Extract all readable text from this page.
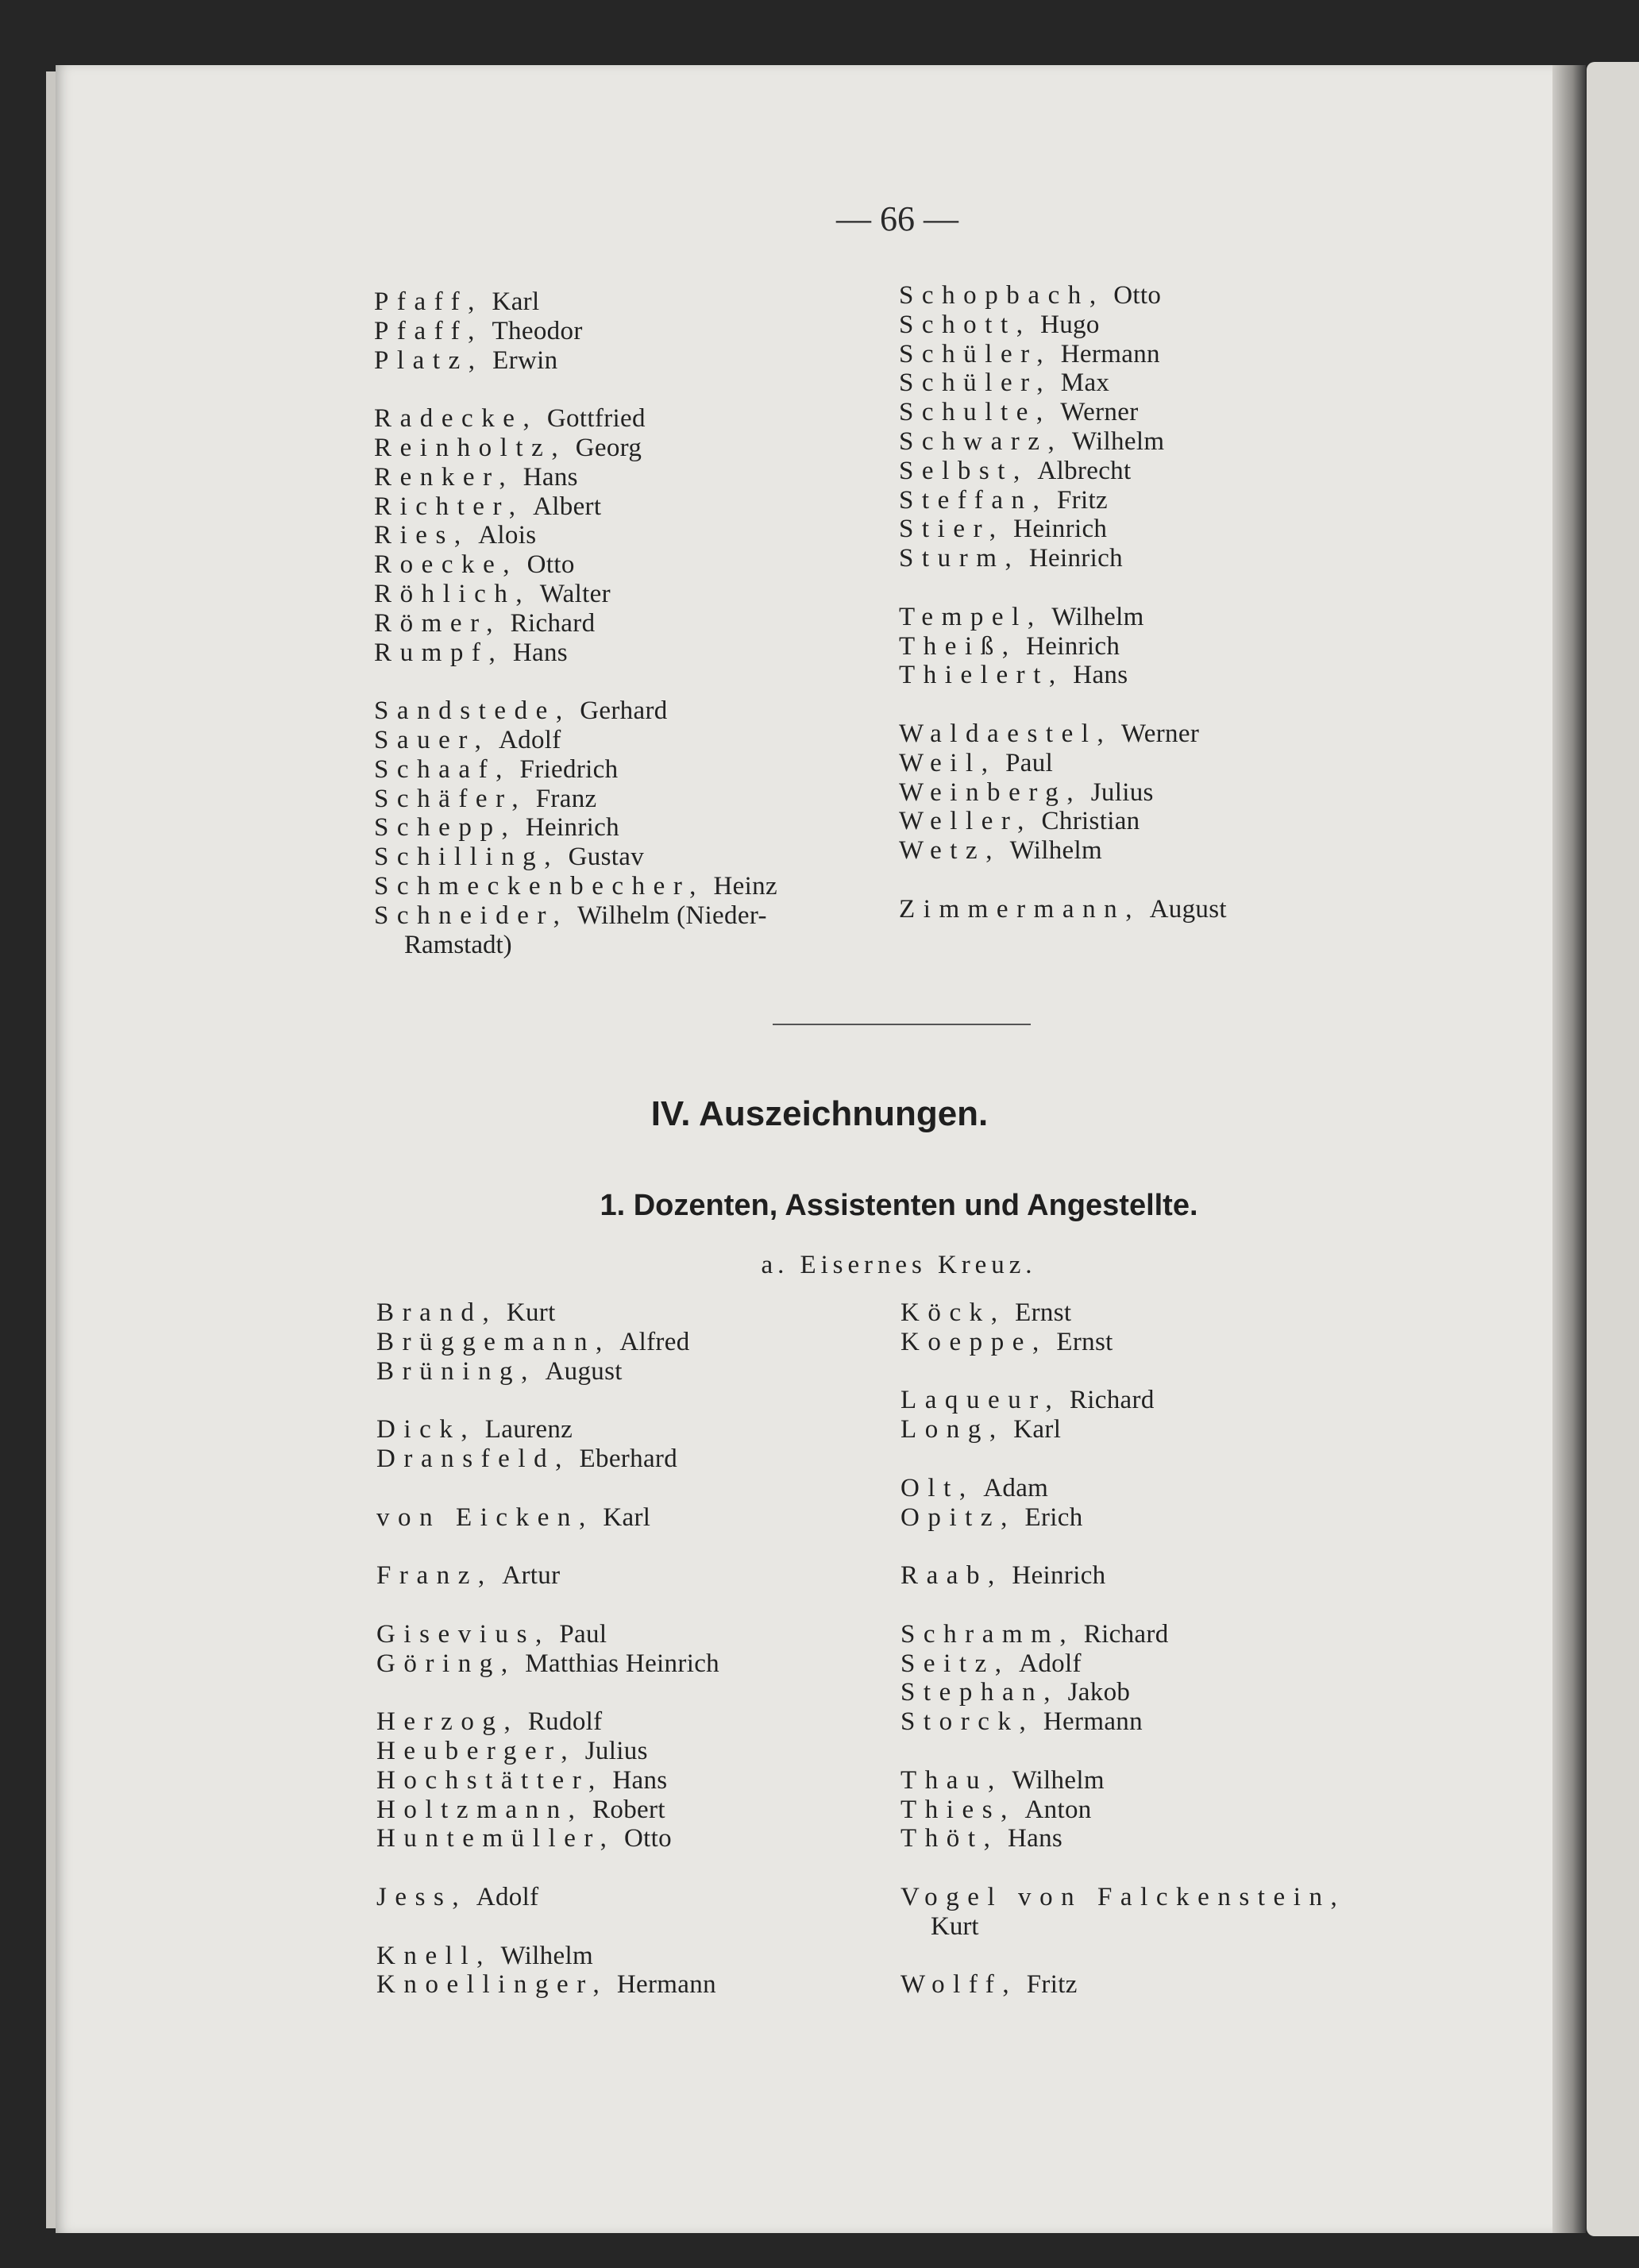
— 66 —
Pfaff, Karl
Pfaff, Theodor
Platz, Erwin
Radecke, Gottfried
Reinholtz, Georg
Renker, Hans
Richter, Albert
Ries, Alois
Roecke, Otto
Röhlich, Walter
Römer, Richard
Rumpf, Hans
Sandstede, Gerhard
Sauer, Adolf
Schaaf, Friedrich
Schäfer, Franz
Schepp, Heinrich
Schilling, Gustav
Schmeckenbecher, Heinz
Schneider, Wilhelm (Nieder-
Ramstadt)
Schopbach, Otto
Schott, Hugo
Schüler, Hermann
Schüler, Max
Schulte, Werner
Schwarz, Wilhelm
Selbst, Albrecht
Steffan, Fritz
Stier, Heinrich
Sturm, Heinrich
Tempel, Wilhelm
Theiß, Heinrich
Thielert, Hans
Waldaestel, Werner
Weil, Paul
Weinberg, Julius
Weller, Christian
Wetz, Wilhelm
Zimmermann, August
IV. Auszeichnungen.
1. Dozenten, Assistenten und Angestellte.
a. Eisernes Kreuz.
Brand, Kurt
Brüggemann, Alfred
Brüning, August
Dick, Laurenz
Dransfeld, Eberhard
von Eicken, Karl
Franz, Artur
Gisevius, Paul
Göring, Matthias Heinrich
Herzog, Rudolf
Heuberger, Julius
Hochstätter, Hans
Holtzmann, Robert
Huntemüller, Otto
Jess, Adolf
Knell, Wilhelm
Knoellinger, Hermann
Köck, Ernst
Koeppe, Ernst
Laqueur, Richard
Long, Karl
Olt, Adam
Opitz, Erich
Raab, Heinrich
Schramm, Richard
Seitz, Adolf
Stephan, Jakob
Storck, Hermann
Thau, Wilhelm
Thies, Anton
Thöt, Hans
Vogel von Falckenstein,
Kurt
Wolff, Fritz
